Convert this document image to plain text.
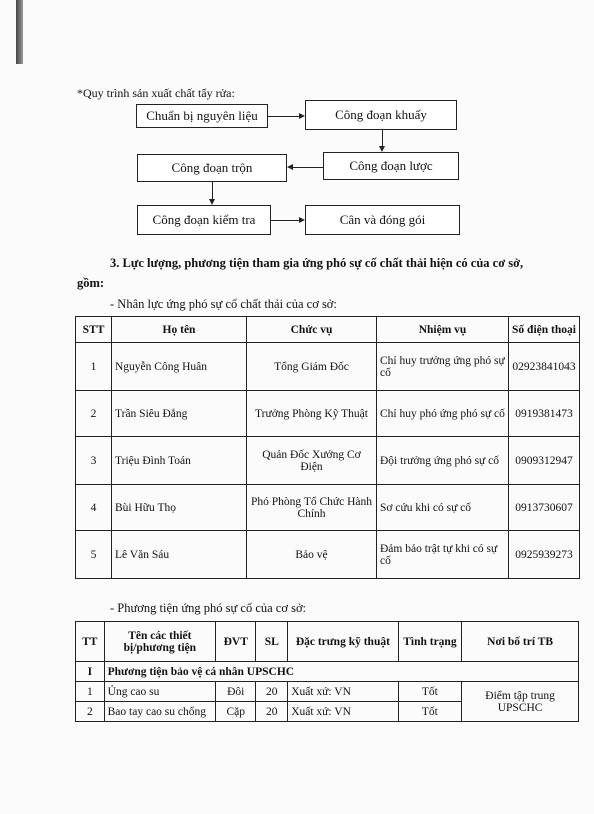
*Quy trình sản xuất chất tẩy rửa:
Chuẩn bị nguyên liệu	Công đoạn khuấy
Công đoạn lược
Công đoạn trộn
Công đoạn kiểm tra	Cân và đóng gói
3. Lực lượng, phương tiện tham gia ứng phó sự cố chất thải hiện có của cơ sở,
gồm:
- Nhân lực ứng phó sự cố chất thải của cơ sở:
STT	Họ tên	Chức vụ	Nhiệm vụ	Số điện thoại
1	Nguyễn Công Huân	Tổng Giám Đốc	Chỉ huy trưởng ứng phó sự cố	02923841043
2	Trần Siêu Đẳng	Trưởng Phòng Kỹ Thuật	Chỉ huy phó ứng phó sự cố	0919381473
3	Triệu Đình Toán	Quản Đốc Xưởng Cơ Điện	Đội trưởng ứng phó sự cố	0909312947
4	Bùi Hữu Thọ	Phó Phòng Tổ Chức Hành Chính	Sơ cứu khi có sự cố	0913730607
5	Lê Văn Sáu	Bảo vệ	Đảm bảo trật tự khi có sự cố	0925939273
- Phương tiện ứng phó sự cố của cơ sở:
TT	Tên các thiết bị/phương tiện	ĐVT	SL	Đặc trưng kỹ thuật	Tình trạng	Nơi bố trí TB
I	Phương tiện bảo vệ cá nhân UPSCHC					
1	Ủng cao su	Đôi	20	Xuất xứ: VN	Tốt	Điểm tập trung UPSCHC
2	Bao tay cao su chống	Cặp	20	Xuất xứ: VN	Tốt	
